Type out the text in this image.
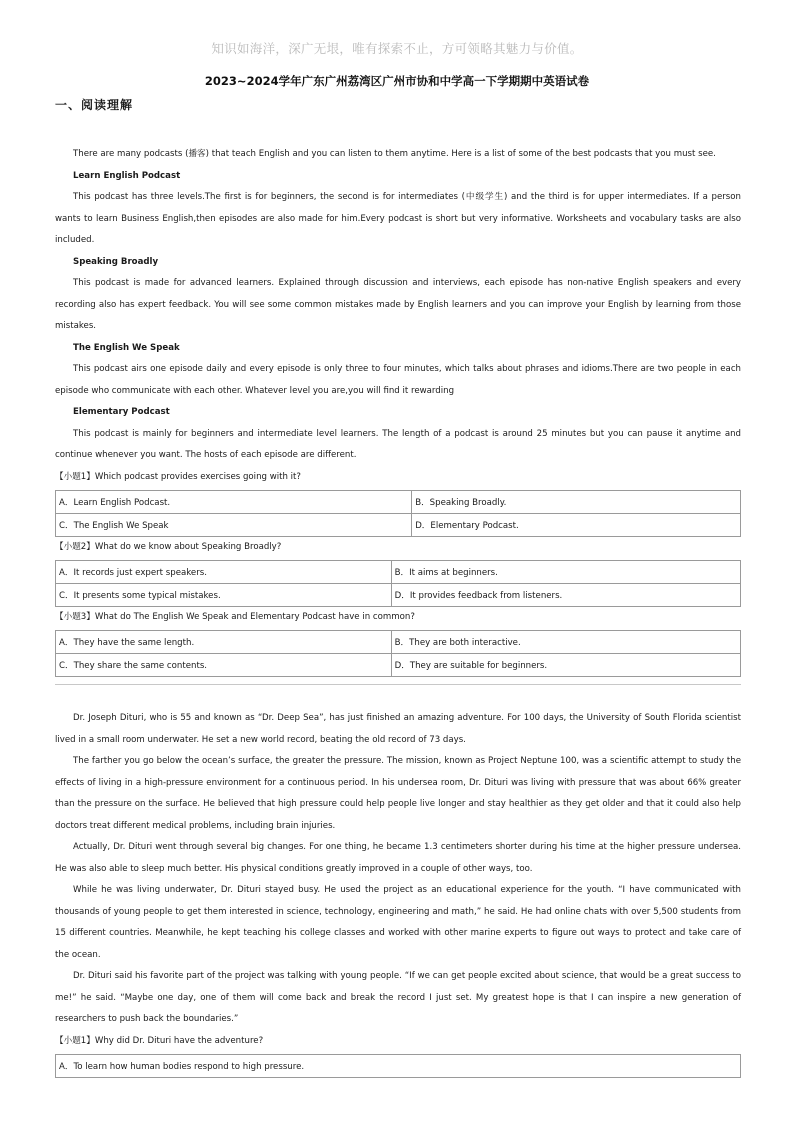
知识如海洋，深广无垠，唯有探索不止，方可领略其魅力与价值。
2023~2024学年广东广州荔湾区广州市协和中学高一下学期期中英语试卷
一、阅读理解

There are many podcasts (播客) that teach English and you can listen to them anytime. Here is a list of some of the best podcasts that you must see.

Learn English Podcast

This podcast has three levels.The first is for beginners, the second is for intermediates (中级学生) and the third is for upper intermediates. If a person wants to learn Business English,then episodes are also made for him.Every podcast is short but very informative. Worksheets and vocabulary tasks are also included.

Speaking Broadly

This podcast is made for advanced learners. Explained through discussion and interviews, each episode has non-native English speakers and every recording also has expert feedback. You will see some common mistakes made by English learners and you can improve your English by learning from those mistakes.

The English We Speak

This podcast airs one episode daily and every episode is only three to four minutes, which talks about phrases and idioms.There are two people in each episode who communicate with each other. Whatever level you are,you will find it rewarding

Elementary Podcast

This podcast is mainly for beginners and intermediate level learners. The length of a podcast is around 25 minutes but you can pause it anytime and continue whenever you want. The hosts of each episode are different.

【小题1】Which podcast provides exercises going with it?

A．Learn English Podcast.	B．Speaking Broadly.
C．The English We Speak	D．Elementary Podcast.

【小题2】What do we know about Speaking Broadly?

A．It records just expert speakers.	B．It aims at beginners.
C．It presents some typical mistakes.	D．It provides feedback from listeners.

【小题3】What do The English We Speak and Elementary Podcast have in common?

A．They have the same length.	B．They are both interactive.
C．They share the same contents.	D．They are suitable for beginners.

Dr. Joseph Dituri, who is 55 and known as “Dr. Deep Sea”, has just finished an amazing adventure. For 100 days, the University of South Florida scientist lived in a small room underwater. He set a new world record, beating the old record of 73 days.

The farther you go below the ocean’s surface, the greater the pressure. The mission, known as Project Neptune 100, was a scientific attempt to study the effects of living in a high-pressure environment for a continuous period. In his undersea room, Dr. Dituri was living with pressure that was about 66% greater than the pressure on the surface. He believed that high pressure could help people live longer and stay healthier as they get older and that it could also help doctors treat different medical problems, including brain injuries.

Actually, Dr. Dituri went through several big changes. For one thing, he became 1.3 centimeters shorter during his time at the higher pressure undersea. He was also able to sleep much better. His physical conditions greatly improved in a couple of other ways, too.

While he was living underwater, Dr. Dituri stayed busy. He used the project as an educational experience for the youth. “I have communicated with thousands of young people to get them interested in science, technology, engineering and math,” he said. He had online chats with over 5,500 students from 15 different countries. Meanwhile, he kept teaching his college classes and worked with other marine experts to figure out ways to protect and take care of the ocean.

Dr. Dituri said his favorite part of the project was talking with young people. “If we can get people excited about science, that would be a great success to me!” he said. “Maybe one day, one of them will come back and break the record I just set. My greatest hope is that I can inspire a new generation of researchers to push back the boundaries.”

【小题1】Why did Dr. Dituri have the adventure?

A．To learn how human bodies respond to high pressure.
